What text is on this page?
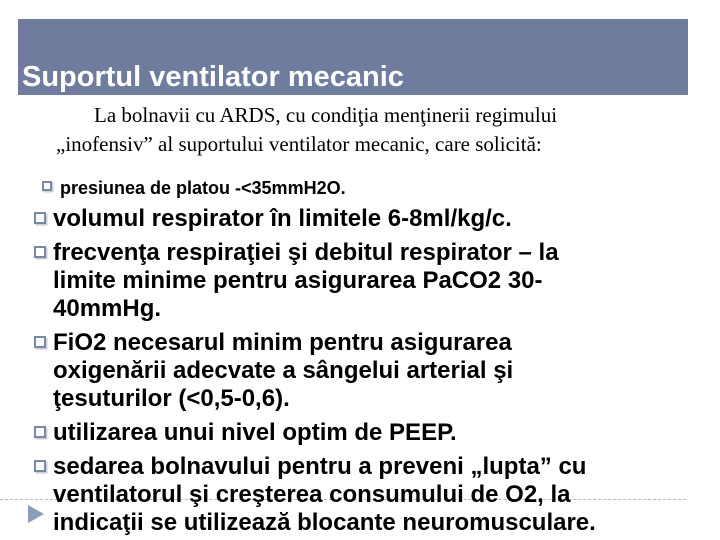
Suportul ventilator mecanic
La bolnavii cu ARDS, cu condiţia menţinerii regimului
„inofensiv” al suportului ventilator mecanic, care solicită:
presiunea de platou -<35mmH2O.
volumul respirator în limitele 6-8ml/kg/c.
frecvenţa respiraţiei şi debitul respirator – la
limite minime pentru asigurarea PaCO2 30-
40mmHg.
FiO2 necesarul minim pentru asigurarea
oxigenării adecvate a sângelui arterial şi
ţesuturilor (<0,5-0,6).
utilizarea unui nivel optim de PEEP.
sedarea bolnavului pentru a preveni „lupta” cu
ventilatorul şi creşterea consumului de O2, la
indicaţii se utilizează blocante neuromusculare.
